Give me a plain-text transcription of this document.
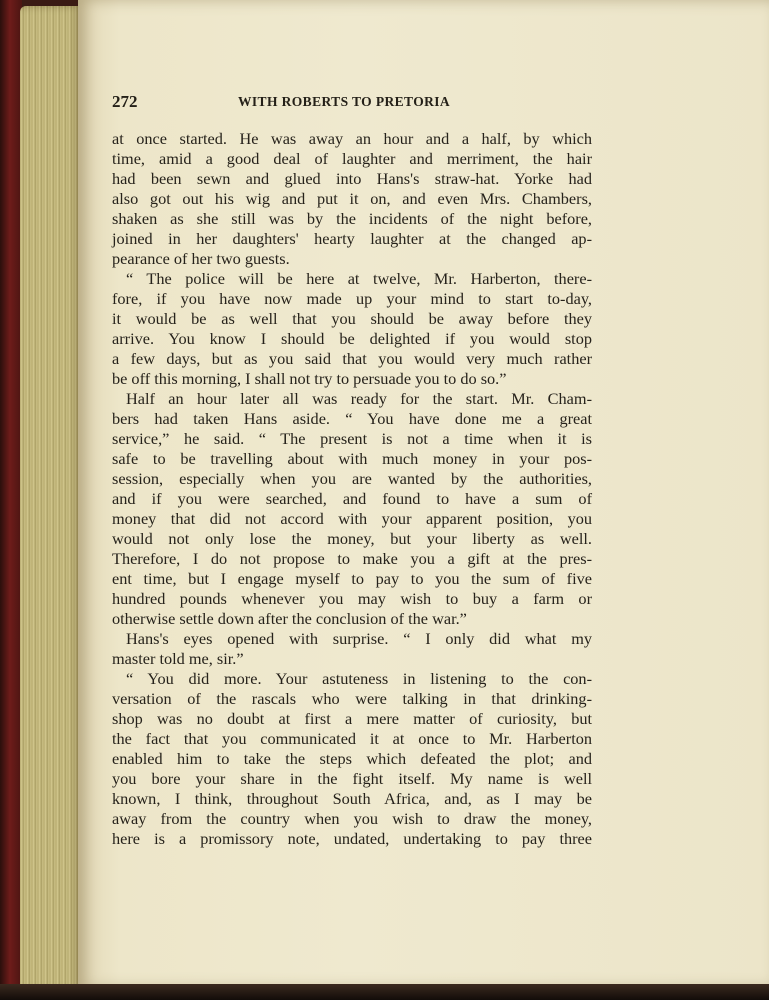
272	WITH ROBERTS TO PRETORIA
at once started. He was away an hour and a half, by which
time, amid a good deal of laughter and merriment, the hair
had been sewn and glued into Hans's straw-hat. Yorke had
also got out his wig and put it on, and even Mrs. Chambers,
shaken as she still was by the incidents of the night before,
joined in her daughters' hearty laughter at the changed ap-
pearance of her two guests.
“ The police will be here at twelve, Mr. Harberton, there-
fore, if you have now made up your mind to start to-day,
it would be as well that you should be away before they
arrive. You know I should be delighted if you would stop
a few days, but as you said that you would very much rather
be off this morning, I shall not try to persuade you to do so.”
Half an hour later all was ready for the start. Mr. Cham-
bers had taken Hans aside. “ You have done me a great
service,” he said. “ The present is not a time when it is
safe to be travelling about with much money in your pos-
session, especially when you are wanted by the authorities,
and if you were searched, and found to have a sum of
money that did not accord with your apparent position, you
would not only lose the money, but your liberty as well.
Therefore, I do not propose to make you a gift at the pres-
ent time, but I engage myself to pay to you the sum of five
hundred pounds whenever you may wish to buy a farm or
otherwise settle down after the conclusion of the war.”
Hans's eyes opened with surprise. “ I only did what my
master told me, sir.”
“ You did more. Your astuteness in listening to the con-
versation of the rascals who were talking in that drinking-
shop was no doubt at first a mere matter of curiosity, but
the fact that you communicated it at once to Mr. Harberton
enabled him to take the steps which defeated the plot; and
you bore your share in the fight itself. My name is well
known, I think, throughout South Africa, and, as I may be
away from the country when you wish to draw the money,
here is a promissory note, undated, undertaking to pay three
